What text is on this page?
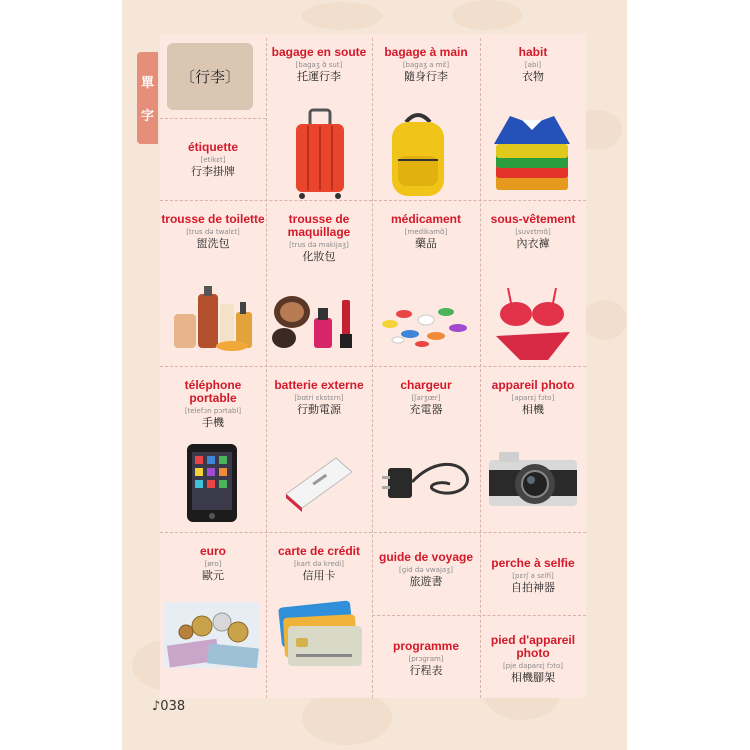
單
字
〔行李〕
bagage en soute
[bagaʒ ɑ̃ sut]
托運行李
bagage à main
[bagaʒ a mɛ̃]
隨身行李
habit
[abi]
衣物
étiquette
[etikɛt]
行李掛牌
trousse de toilette
[trus də twalɛt]
盥洗包
trousse de maquillage
[trus də makijaʒ]
化妝包
médicament
[medikamɑ̃]
藥品
sous-vêtement
[suvɛtmɑ̃]
內衣褲
téléphone portable
[telefɔn pɔrtabl]
手機
batterie externe
[bɑtri ɛkstɛrn]
行動電源
chargeur
[ʃarʒœr]
充電器
appareil photo
[aparɛj fɔto]
相機
euro
[øro]
歐元
carte de crédit
[kart də kredi]
信用卡
guide de voyage
[gid də vwajaʒ]
旅遊書
perche à selfie
[pɛrʃ a sɛlfi]
自拍神器
programme
[prɔgram]
行程表
pied d'appareil photo
[pje daparɛj fɔto]
相機腳架
♪038
